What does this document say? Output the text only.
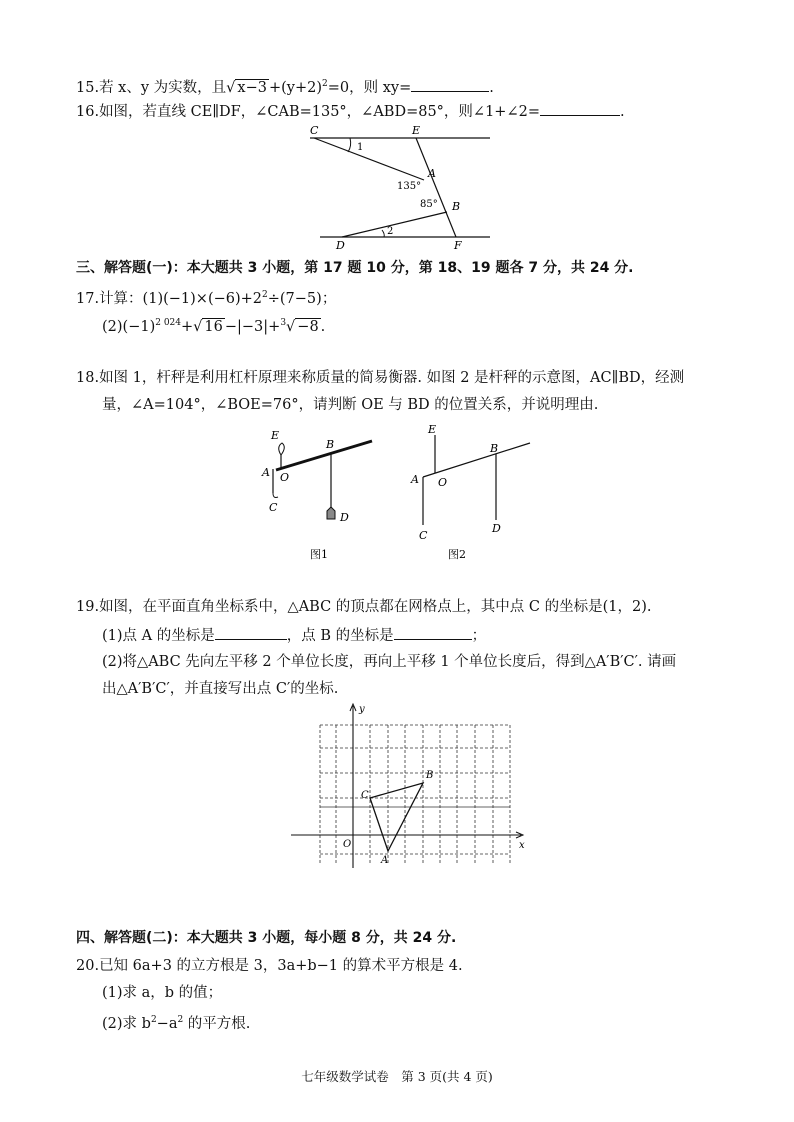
15.若 x、y 为实数，且√ $x-3 +(y+2)^2=0$，则 xy=	.
16.如图，若直线 CE∥DF，∠CAB=135°，∠ABD=85°，则∠1+∠2=	.
C	E
A
B
D	F
1
2
135°
85°
三、解答题(一)：本大题共 3 小题，第 17 题 10 分，第 18、19 题各 7 分，共 24 分.
17.计算：$(1)(-1)\times(-6)+2^2\div(7-5)$；
$(2)(-1)^{2 024}+√$ 16 −|−3|+$^3$√ −8 .
18.如图 1，杆秤是利用杠杆原理来称质量的简易衡器. 如图 2 是杆秤的示意图，AC∥BD，经测
量，∠A=104°，∠BOE=76°，请判断 OE 与 BD 的位置关系，并说明理由.
E
A O
B
C
D
图1
E
A O
B
C
D
图2
19.如图，在平面直角坐标系中，△ABC 的顶点都在网格点上，其中点 C 的坐标是(1，2).
(1)点 A 的坐标是	，点 B 的坐标是	；
(2)将△ABC 先向左平移 2 个单位长度，再向上平移 1 个单位长度后，得到△A′B′C′. 请画
出△A′B′C′，并直接写出点 C′的坐标.
y
x
O
A
B
C
四、解答题(二)：本大题共 3 小题，每小题 8 分，共 24 分.
20.已知 6a+3 的立方根是 3，3a+b−1 的算术平方根是 4.
(1)求 a，b 的值；
(2)求 $b^2-a^2$ 的平方根.
七年级数学试卷　第 3 页(共 4 页)
